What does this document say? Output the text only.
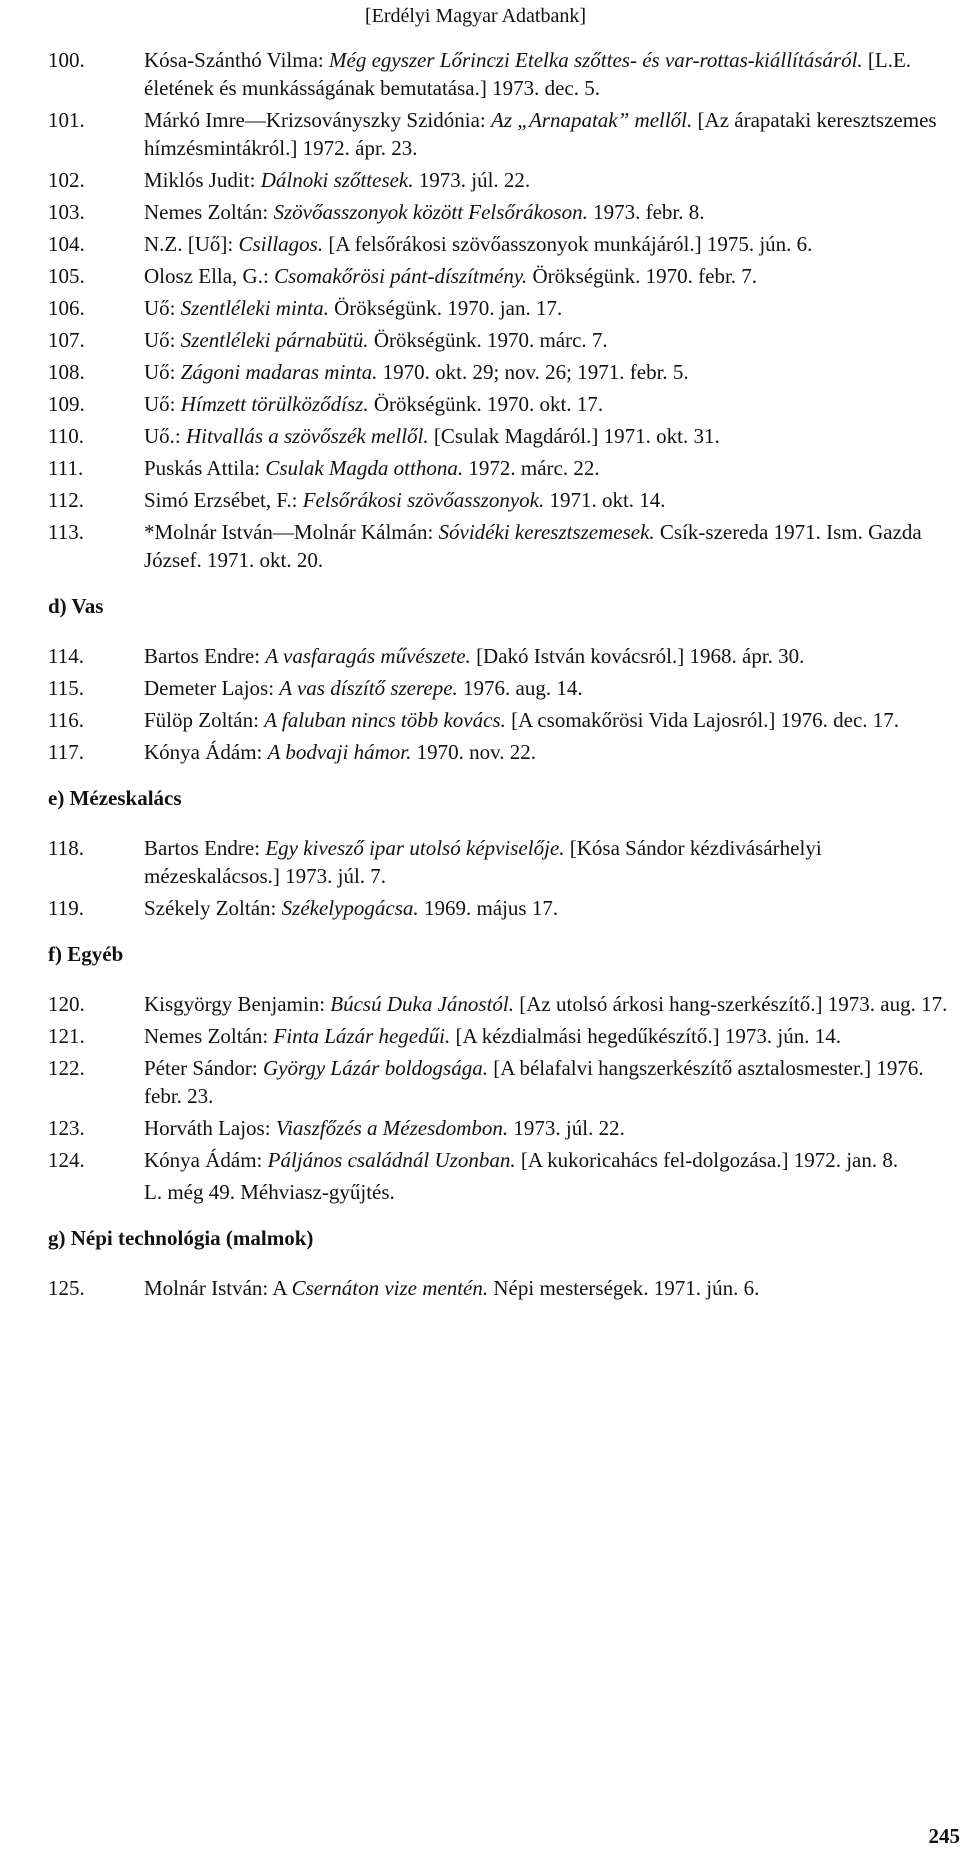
[Erdélyi Magyar Adatbank]
100.	Kósa-Szánthó Vilma: Még egyszer Lőrinczi Etelka szőttes- és var-rottas-kiállításáról. [L.E. életének és munkásságának bemutatása.] 1973. dec. 5.
101.	Márkó Imre—Krizsoványszky Szidónia: Az „Arnapatak” mellől. [Az árapataki keresztszemes hímzésmintákról.] 1972. ápr. 23.
102.	Miklós Judit: Dálnoki szőttesek. 1973. júl. 22.
103.	Nemes Zoltán: Szövőasszonyok között Felsőrákoson. 1973. febr. 8.
104.	N.Z. [Uő]: Csillagos. [A felsőrákosi szövőasszonyok munkájáról.] 1975. jún. 6.
105.	Olosz Ella, G.: Csomakőrösi pánt-díszítmény. Örökségünk. 1970. febr. 7.
106.	Uő: Szentléleki minta. Örökségünk. 1970. jan. 17.
107.	Uő: Szentléleki párnabütü. Örökségünk. 1970. márc. 7.
108.	Uő: Zágoni madaras minta. 1970. okt. 29; nov. 26; 1971. febr. 5.
109.	Uő: Hímzett törülköződísz. Örökségünk. 1970. okt. 17.
110.	Uő.: Hitvallás a szövőszék mellől. [Csulak Magdáról.] 1971. okt. 31.
111.	Puskás Attila: Csulak Magda otthona. 1972. márc. 22.
112.	Simó Erzsébet, F.: Felsőrákosi szövőasszonyok. 1971. okt. 14.
113.	*Molnár István—Molnár Kálmán: Sóvidéki keresztszemesek. Csík-szereda 1971. Ism. Gazda József. 1971. okt. 20.
d) Vas
114.	Bartos Endre: A vasfaragás művészete. [Dakó István kovácsról.] 1968. ápr. 30.
115.	Demeter Lajos: A vas díszítő szerepe. 1976. aug. 14.
116.	Fülöp Zoltán: A faluban nincs több kovács. [A csomakőrösi Vida Lajosról.] 1976. dec. 17.
117.	Kónya Ádám: A bodvaji hámor. 1970. nov. 22.
e) Mézeskalács
118.	Bartos Endre: Egy kivesző ipar utolsó képviselője. [Kósa Sándor kézdivásárhelyi mézeskalácsos.] 1973. júl. 7.
119.	Székely Zoltán: Székelypogácsa. 1969. május 17.
f) Egyéb
120.	Kisgyörgy Benjamin: Búcsú Duka Jánostól. [Az utolsó árkosi hang-szerkészítő.] 1973. aug. 17.
121.	Nemes Zoltán: Finta Lázár hegedűi. [A kézdialmási hegedűkészítő.] 1973. jún. 14.
122.	Péter Sándor: György Lázár boldogsága. [A bélafalvi hangszerkészítő asztalosmester.] 1976. febr. 23.
123.	Horváth Lajos: Viaszfőzés a Mézesdombon. 1973. júl. 22.
124.	Kónya Ádám: Páljános családnál Uzonban. [A kukoricahács fel-dolgozása.] 1972. jan. 8.
L. még 49. Méhviasz-gyűjtés.
g) Népi technológia (malmok)
125.	Molnár István: A Csernáton vize mentén. Népi mesterségek. 1971. jún. 6.
245
